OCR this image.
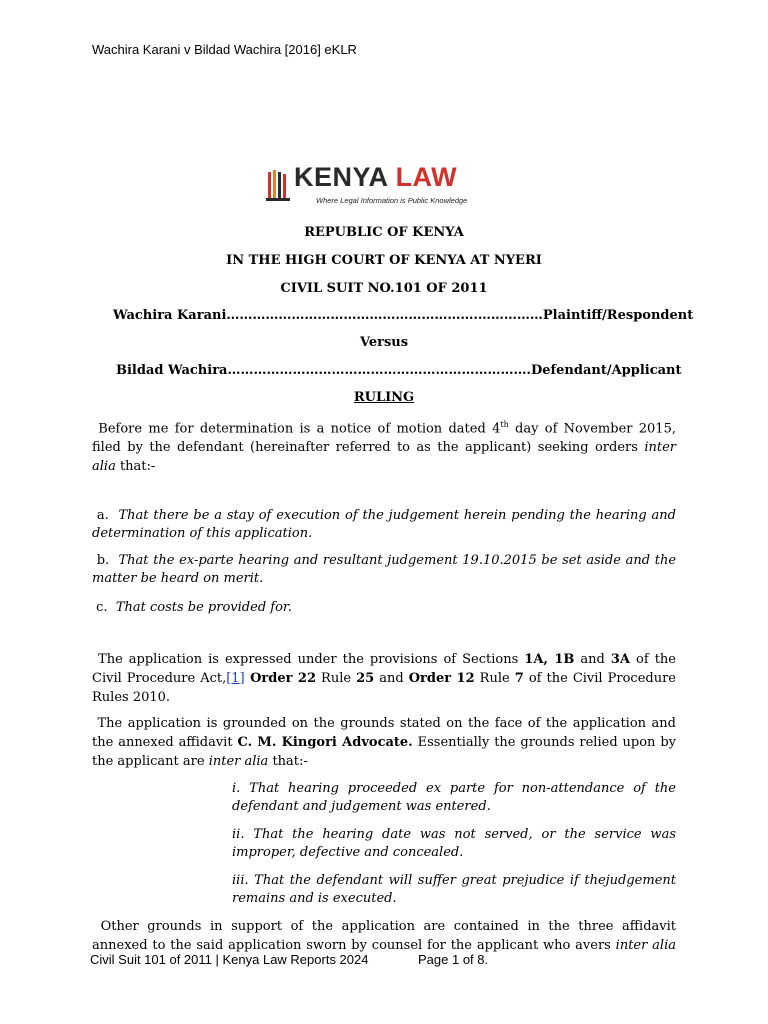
Wachira Karani v Bildad Wachira [2016] eKLR
KENYA LAW
Where Legal Information is Public Knowledge
REPUBLIC OF KENYA
IN THE HIGH COURT OF KENYA AT NYERI
CIVIL SUIT NO.101 OF 2011
Wachira Karani………………………………………………….……………Plaintiff/Respondent
Versus
Bildad Wachira…………………………………………………………….Defendant/Applicant
RULING
Before me for determination is a notice of motion dated 4th day of November 2015, filed by the defendant (hereinafter referred to as the applicant) seeking orders inter alia that:-
a. That there be a stay of execution of the judgement herein pending the hearing and determination of this application.
b. That the ex-parte hearing and resultant judgement 19.10.2015 be set aside and the matter be heard on merit.
c. That costs be provided for.
The application is expressed under the provisions of Sections 1A, 1B and 3A of the Civil Procedure Act,[1] Order 22 Rule 25 and Order 12 Rule 7 of the Civil Procedure Rules 2010.
The application is grounded on the grounds stated on the face of the application and the annexed affidavit C. M. Kingori Advocate. Essentially the grounds relied upon by the applicant are inter alia that:-
i. That hearing proceeded ex parte for non-attendance of the defendant and judgement was entered.
ii. That the hearing date was not served, or the service was improper, defective and concealed.
iii. That the defendant will suffer great prejudice if thejudgement remains and is executed.
Other grounds in support of the application are contained in the three affidavit annexed to the said application sworn by counsel for the applicant who avers inter alia
Civil Suit 101 of 2011 | Kenya Law Reports 2024	Page 1 of 8.
